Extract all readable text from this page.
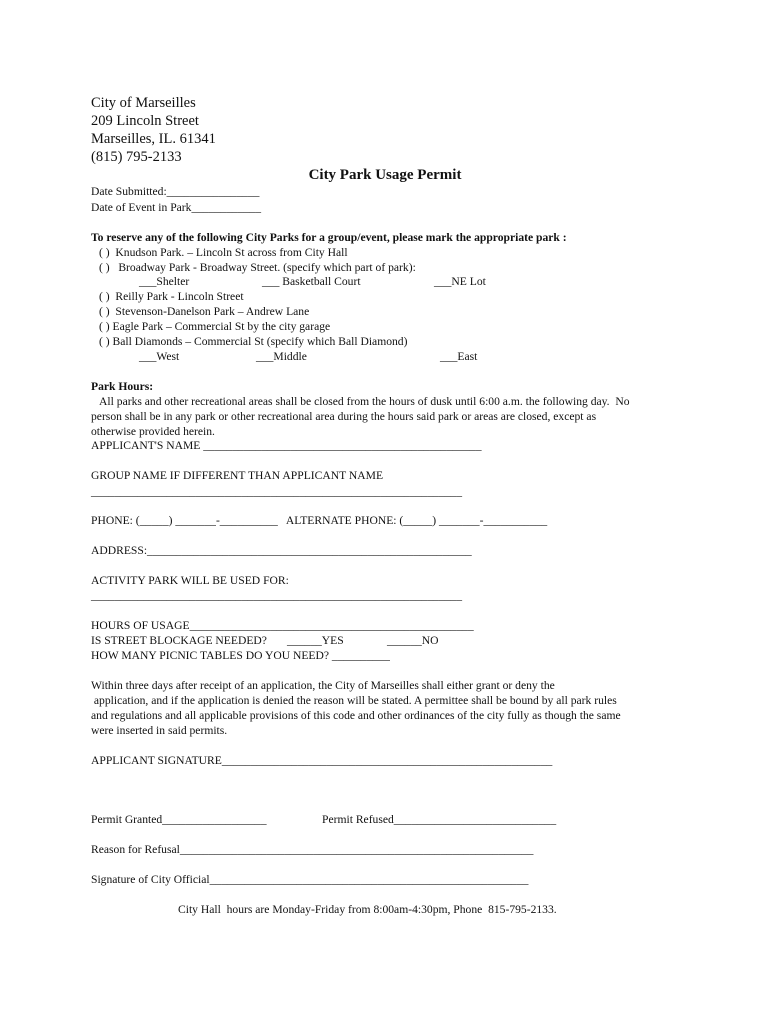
City of Marseilles
209 Lincoln Street
Marseilles, IL. 61341
(815) 795-2133
City Park Usage Permit
Date Submitted:________________
Date of Event in Park____________
To reserve any of the following City Parks for a group/event, please mark the appropriate park :
( )  Knudson Park. – Lincoln St across from City Hall
( )   Broadway Park - Broadway Street. (specify which part of park):
___Shelter	___ Basketball Court	___NE Lot
( )  Reilly Park - Lincoln Street
( )  Stevenson-Danelson Park – Andrew Lane
( ) Eagle Park – Commercial St by the city garage
( ) Ball Diamonds – Commercial St (specify which Ball Diamond)
___West	___Middle	___East
Park Hours:
All parks and other recreational areas shall be closed from the hours of dusk until 6:00 a.m. the following day.  No
person shall be in any park or other recreational area during the hours said park or areas are closed, except as
otherwise provided herein.
APPLICANT'S NAME ________________________________________________
GROUP NAME IF DIFFERENT THAN APPLICANT NAME
________________________________________________________________
PHONE: (_____) _______-__________   ALTERNATE PHONE: (_____) _______-___________
ADDRESS:________________________________________________________
ACTIVITY PARK WILL BE USED FOR:
________________________________________________________________
HOURS OF USAGE_________________________________________________
IS STREET BLOCKAGE NEEDED? ______YES	______NO
HOW MANY PICNIC TABLES DO YOU NEED? __________
Within three days after receipt of an application, the City of Marseilles shall either grant or deny the
application, and if the application is denied the reason will be stated. A permittee shall be bound by all park rules
and regulations and all applicable provisions of this code and other ordinances of the city fully as though the same
were inserted in said permits.
APPLICANT SIGNATURE_________________________________________________________
Permit Granted__________________	Permit Refused____________________________
Reason for Refusal_____________________________________________________________
Signature of City Official_______________________________________________________
City Hall  hours are Monday-Friday from 8:00am-4:30pm, Phone  815-795-2133.
